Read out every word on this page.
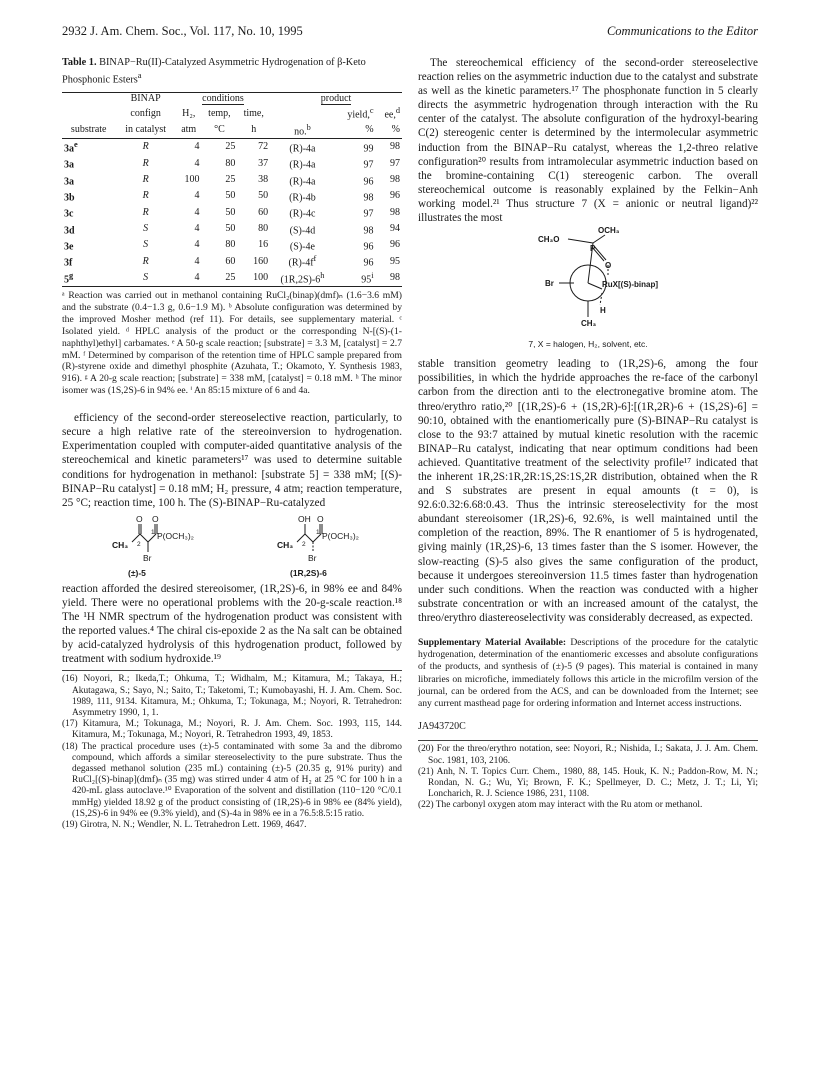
2932 J. Am. Chem. Soc., Vol. 117, No. 10, 1995	Communications to the Editor
Table 1. BINAP−Ru(II)-Catalyzed Asymmetric Hydrogenation of β-Keto Phosphonic Esters$^a$
	BINAP	conditions			product		
	confign	H₂,	temp,	time,		yield,$^c$	ee,$^d$
substrate	in catalyst	atm	°C	h	no.$^b$	%	%
$3a^e$	R	4	25	72	(R)-4a	99	98
3a	R	4	80	37	(R)-4a	97	97
3a	R	100	25	38	(R)-4a	96	98
3b	R	4	50	50	(R)-4b	98	96
3c	R	4	50	60	(R)-4c	97	98
3d	S	4	50	80	(S)-4d	98	94
3e	S	4	80	16	(S)-4e	96	96
3f	R	4	60	160	$(R)-4f^f$	96	95
5$^g$	S	4	25	100	(1R,2S)-6$^h$	95$^i$	98
ᵃ Reaction was carried out in methanol containing RuCl₂(binap)(dmf)ₙ (1.6−3.6 mM) and the substrate (0.4−1.3 g, 0.6−1.9 M). ᵇ Absolute configuration was determined by the improved Mosher method (ref 11). For details, see supplementary material. ᶜ Isolated yield. ᵈ HPLC analysis of the product or the corresponding N-[(S)-(1-naphthyl)ethyl] carbamates. ᵉ A 50-g scale reaction; [substrate] = 3.3 M, [catalyst] = 2.7 mM. ᶠ Determined by comparison of the retention time of HPLC sample prepared from (R)-styrene oxide and dimethyl phosphite (Azuhata, T.; Okamoto, Y. Synthesis 1983, 916). ᵍ A 20-g scale reaction; [substrate] = 338 mM, [catalyst] = 0.18 mM. ʰ The minor isomer was (1S,2S)-6 in 94% ee. ⁱ An 85:15 mixture of 6 and 4a.

efficiency of the second-order stereoselective reaction, particularly, to secure a high relative rate of the stereoinversion to hydrogenation. Experimentation coupled with computer-aided quantitative analysis of the stereochemical and kinetic parameters¹⁷ was used to determine suitable conditions for hydrogenation in methanol: [substrate 5] = 338 mM; [(S)-BINAP−Ru catalyst] = 0.18 mM; H₂ pressure, 4 atm; reaction temperature, 25 °C; reaction time, 100 h. The (S)-BINAP−Ru-catalyzed

O O
P(OCH₃)₂
CH₃ 2
1
Br
(±)-5
OH O
P(OCH₃)₂
CH₃ 2
1
Br
(1R,2S)-6

reaction afforded the desired stereoisomer, (1R,2S)-6, in 98% ee and 84% yield. There were no operational problems with the 20-g-scale reaction.¹⁸ The ¹H NMR spectrum of the hydrogenation product was consistent with the reported values.⁴ The chiral cis-epoxide 2 as the Na salt can be obtained by acid-catalyzed hydrolysis of this hydrogenation product, followed by treatment with sodium hydroxide.¹⁹

(16) Noyori, R.; Ikeda,T.; Ohkuma, T.; Widhalm, M.; Kitamura, M.; Takaya, H.; Akutagawa, S.; Sayo, N.; Saito, T.; Taketomi, T.; Kumobayashi, H. J. Am. Chem. Soc. 1989, 111, 9134. Kitamura, M.; Ohkuma, T.; Tokunaga, M.; Noyori, R. Tetrahedron: Asymmetry 1990, 1, 1.

(17) Kitamura, M.; Tokunaga, M.; Noyori, R. J. Am. Chem. Soc. 1993, 115, 144. Kitamura, M.; Tokunaga, M.; Noyori, R. Tetrahedron 1993, 49, 1853.

(18) The practical procedure uses (±)-5 contaminated with some 3a and the dibromo compound, which affords a similar stereoselectivity to the pure substrate. Thus the degassed methanol solution (235 mL) containing (±)-5 (20.35 g, 91% purity) and RuCl₂[(S)-binap](dmf)ₙ (35 mg) was stirred under 4 atm of H₂ at 25 °C for 100 h in a 420-mL glass autoclave.¹⁰ Evaporation of the solvent and distillation (110−120 °C/0.1 mmHg) yielded 18.92 g of the product consisting of (1R,2S)-6 in 98% ee (84% yield), (1S,2S)-6 in 94% ee (9.3% yield), and (S)-4a in 98% ee in a 76.5:8.5:15 ratio.

(19) Girotra, N. N.; Wendler, N. L. Tetrahedron Lett. 1969, 4647.

The stereochemical efficiency of the second-order stereoselective reaction relies on the asymmetric induction due to the catalyst and substrate as well as the kinetic parameters.¹⁷ The phosphonate function in 5 clearly directs the asymmetric hydrogenation through interaction with the Ru center of the catalyst. The absolute configuration of the hydroxyl-bearing C(2) stereogenic center is determined by the intermolecular asymmetric induction from the BINAP−Ru catalyst, whereas the 1,2-threo relative configuration²⁰ results from intramolecular asymmetric induction based on the bromine-containing C(1) stereogenic carbon. The overall stereochemical outcome is reasonably explained by the Felkin−Anh working model.²¹ Thus structure 7 (X = anionic or neutral ligand)²² illustrates the most

OCH₃
CH₃O
P
O
Br	RuX[(S)-binap]
H
CH₃
7, X = halogen, H₂, solvent, etc.

stable transition geometry leading to (1R,2S)-6, among the four possibilities, in which the hydride approaches the re-face of the carbonyl carbon from the direction anti to the electronegative bromine atom. The threo/erythro ratio,²⁰ [(1R,2S)-6 + (1S,2R)-6]:[(1R,2R)-6 + (1S,2S)-6] = 90:10, obtained with the enantiomerically pure (S)-BINAP−Ru catalyst is close to the 93:7 attained by mutual kinetic resolution with the racemic BINAP−Ru catalyst, indicating that near optimum conditions had been achieved. Quantitative treatment of the selectivity profile¹⁷ indicated that the inherent 1R,2S:1R,2R:1S,2S:1S,2R distribution, obtained when the R and S substrates are present in equal amounts (t = 0), is 92.6:0.32:6.68:0.43. Thus the intrinsic stereoselectivity for the most abundant stereoisomer (1R,2S)-6, 92.6%, is well maintained until the completion of the reaction, 89%. The R enantiomer of 5 is hydrogenated, giving mainly (1R,2S)-6, 13 times faster than the S isomer. However, the slow-reacting (S)-5 also gives the same configuration of the product, because it undergoes stereoinversion 11.5 times faster than hydrogenation under such conditions. When the reaction was conducted with a higher substrate concentration or with an increased amount of the catalyst, the threo/erythro diastereoselectivity was considerably decreased, as expected.

Supplementary Material Available: Descriptions of the procedure for the catalytic hydrogenation, determination of the enantiomeric excesses and absolute configurations of the products, and synthesis of (±)-5 (9 pages). This material is contained in many libraries on microfiche, immediately follows this article in the microfilm version of the journal, can be ordered from the ACS, and can be downloaded from the Internet; see any current masthead page for ordering information and Internet access instructions.
JA943720C

(20) For the threo/erythro notation, see: Noyori, R.; Nishida, I.; Sakata, J. J. Am. Chem. Soc. 1981, 103, 2106.

(21) Anh, N. T. Topics Curr. Chem., 1980, 88, 145. Houk, K. N.; Paddon-Row, M. N.; Rondan, N. G.; Wu, Yi; Brown, F. K.; Spellmeyer, D. C.; Metz, J. T.; Li, Yi; Loncharich, R. J. Science 1986, 231, 1108.

(22) The carbonyl oxygen atom may interact with the Ru atom or methanol.
